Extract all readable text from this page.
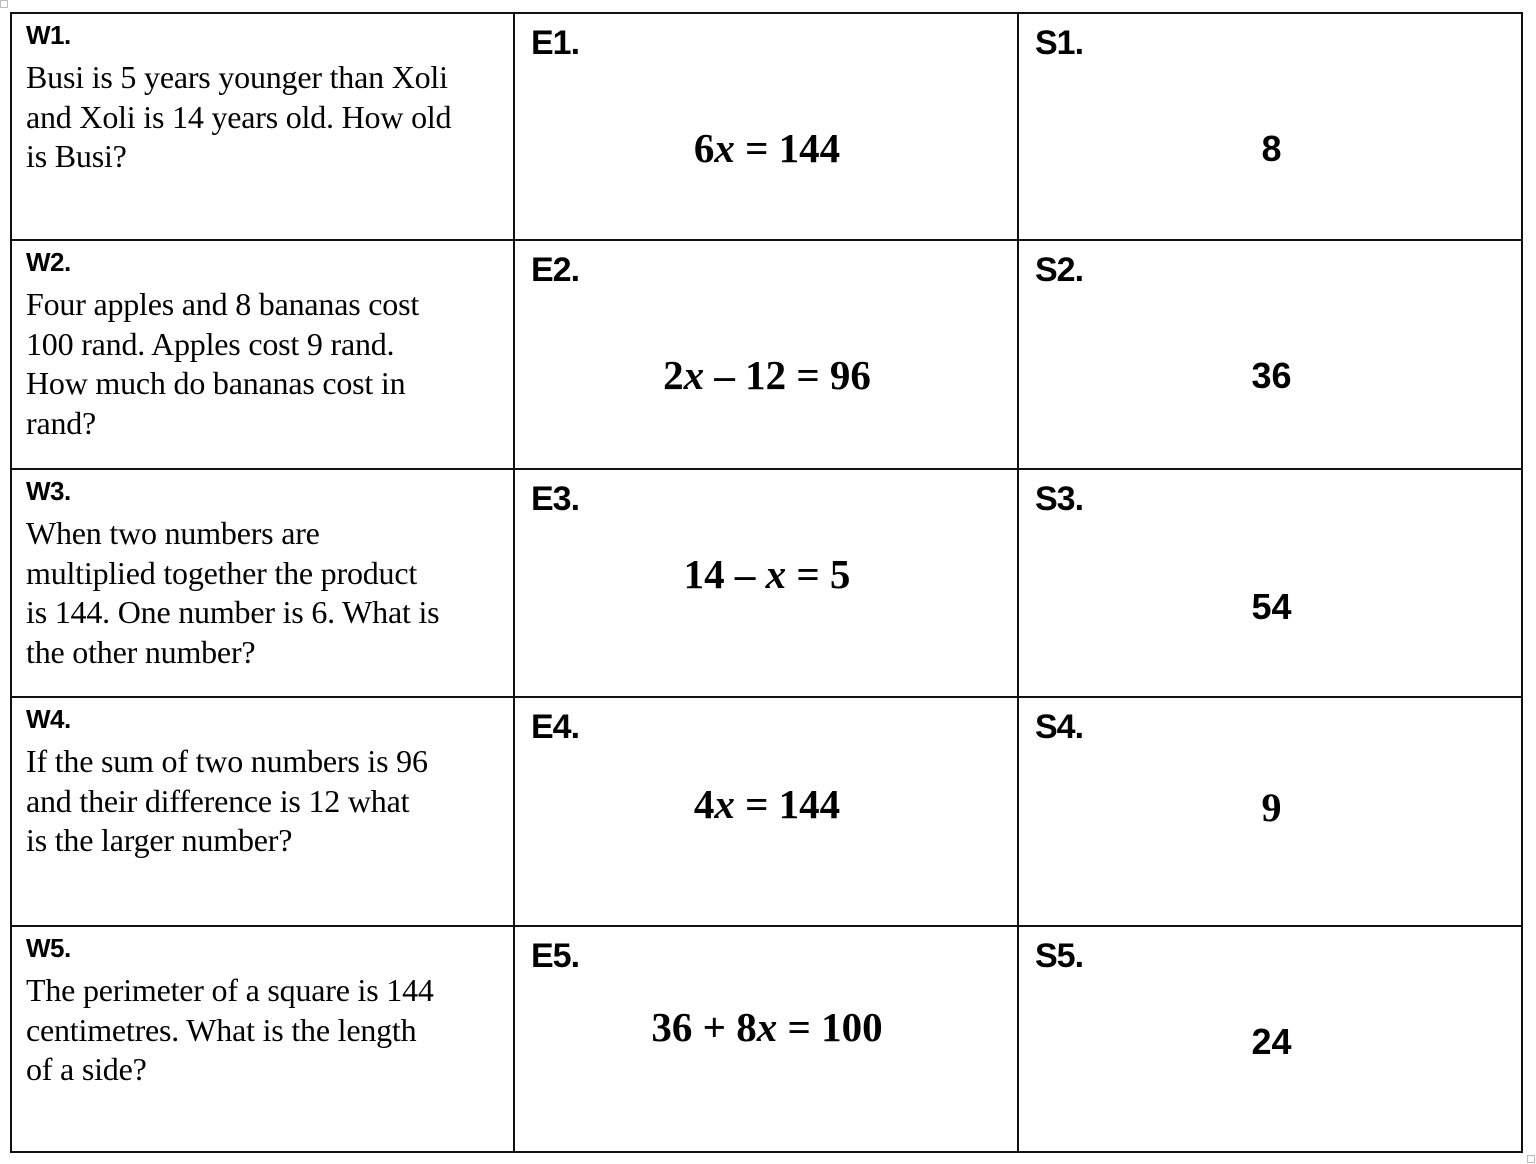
W1.
Busi is 5 years younger than Xoli
and Xoli is 14 years old. How old
is Busi?
E1.
6x = 144
S1.
8
W2.
Four apples and 8 bananas cost
100 rand. Apples cost 9 rand.
How much do bananas cost in
rand?
E2.
2x – 12 = 96
S2.
36
W3.
When two numbers are
multiplied together the product
is 144. One number is 6. What is
the other number?
E3.
14 – x = 5
S3.
54
W4.
If the sum of two numbers is 96
and their difference is 12 what
is the larger number?
E4.
4x = 144
S4.
9
W5.
The perimeter of a square is 144
centimetres. What is the length
of a side?
E5.
36 + 8x = 100
S5.
24
